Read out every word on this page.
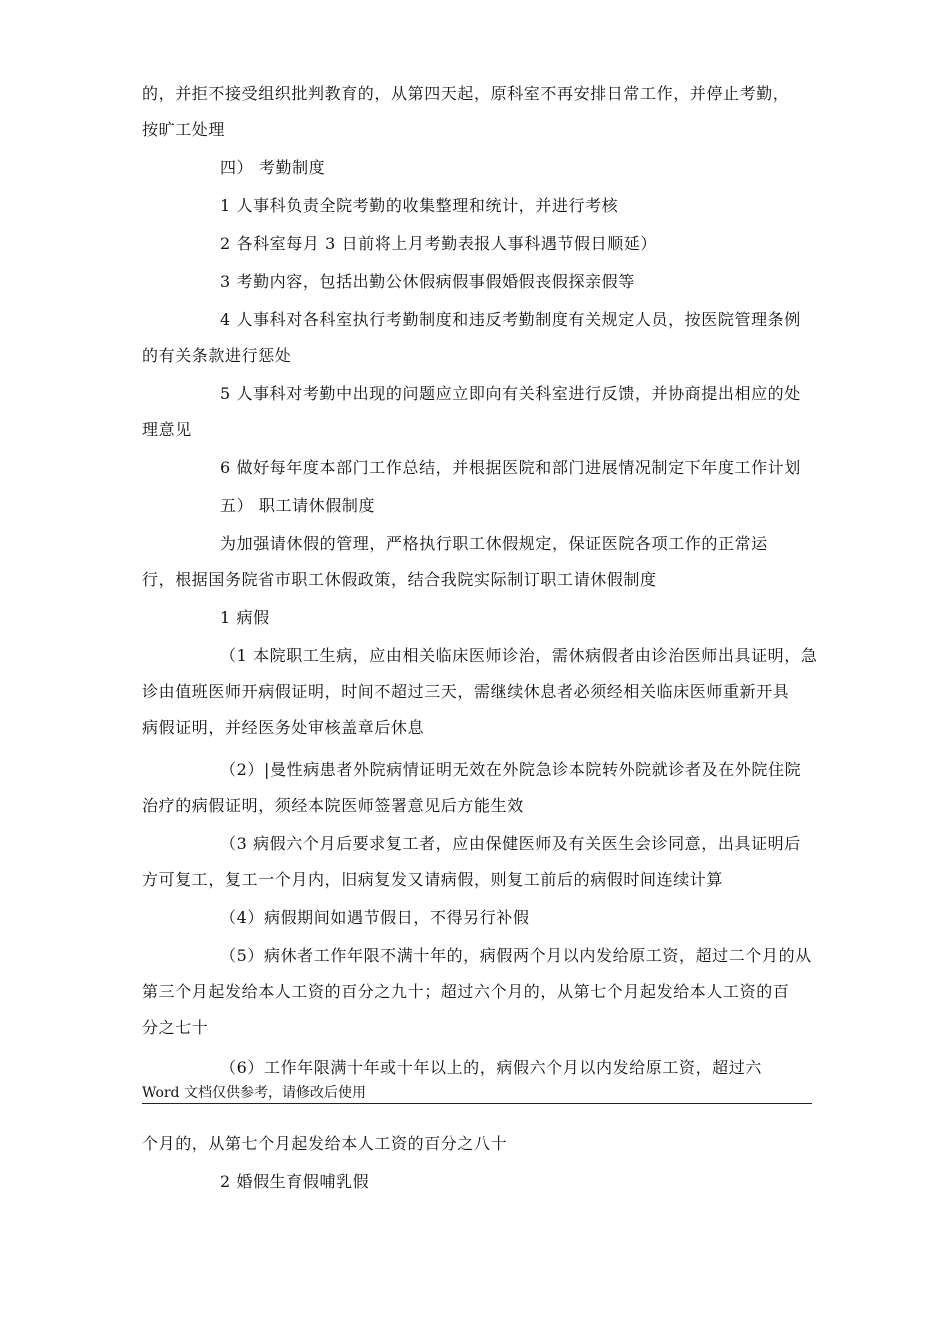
的，并拒不接受组织批判教育的，从第四天起，原科室不再安排日常工作，并停止考勤，
按旷工处理
四） 考勤制度
1 人事科负责全院考勤的收集整理和统计，并进行考核
2 各科室每月 3 日前将上月考勤表报人事科遇节假日顺延）
3 考勤内容，包括出勤公休假病假事假婚假丧假探亲假等
4 人事科对各科室执行考勤制度和违反考勤制度有关规定人员，按医院管理条例
的有关条款进行惩处
5 人事科对考勤中出现的问题应立即向有关科室进行反馈，并协商提出相应的处
理意见
6 做好每年度本部门工作总结，并根据医院和部门进展情况制定下年度工作计划
五） 职工请休假制度
为加强请休假的管理，严格执行职工休假规定，保证医院各项工作的正常运
行，根据国务院省市职工休假政策，结合我院实际制订职工请休假制度
1 病假
（1 本院职工生病，应由相关临床医师诊治，需休病假者由诊治医师出具证明，急
诊由值班医师开病假证明，时间不超过三天，需继续休息者必须经相关临床医师重新开具
病假证明，并经医务处审核盖章后休息
（2）|曼性病患者外院病情证明无效在外院急诊本院转外院就诊者及在外院住院
治疗的病假证明，须经本院医师签署意见后方能生效
（3 病假六个月后要求复工者，应由保健医师及有关医生会诊同意，出具证明后
方可复工，复工一个月内，旧病复发又请病假，则复工前后的病假时间连续计算
（4）病假期间如遇节假日，不得另行补假
（5）病休者工作年限不满十年的，病假两个月以内发给原工资，超过二个月的从
第三个月起发给本人工资的百分之九十；超过六个月的，从第七个月起发给本人工资的百
分之七十
（6）工作年限满十年或十年以上的，病假六个月以内发给原工资，超过六
Word 文档仅供参考，请修改后使用
个月的，从第七个月起发给本人工资的百分之八十
2 婚假生育假哺乳假
